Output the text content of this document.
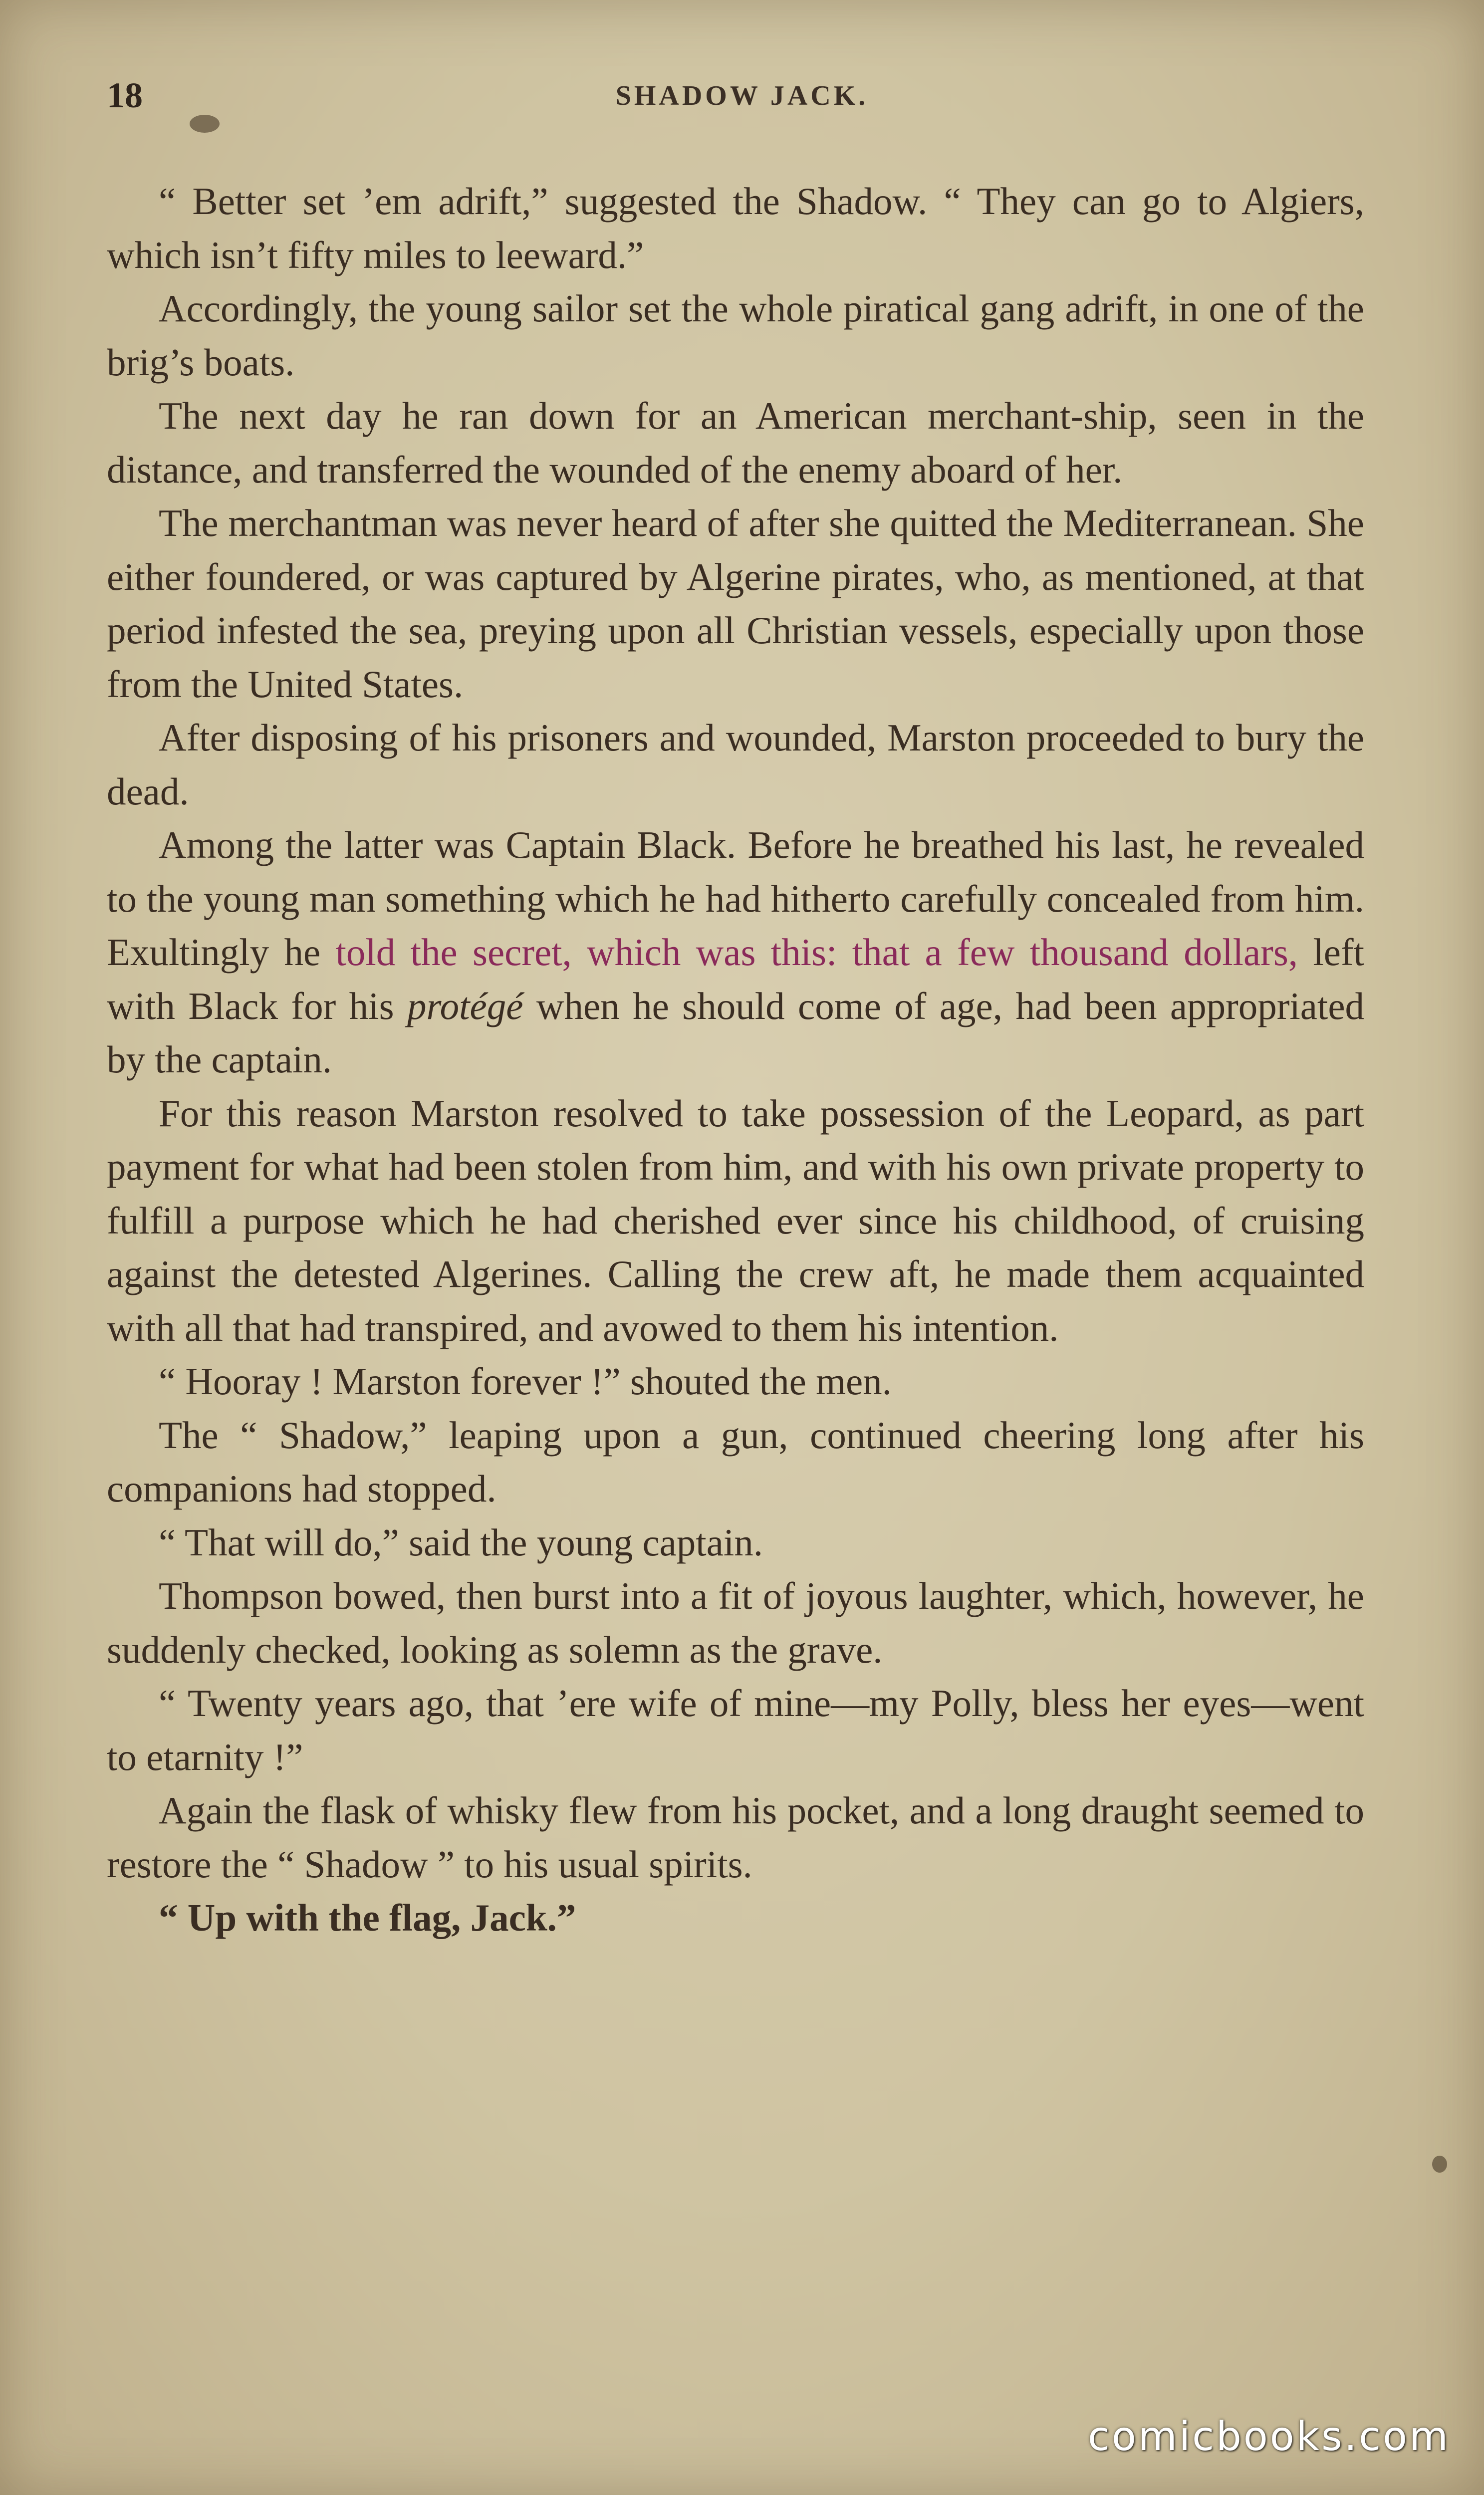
18	SHADOW JACK.

“ Better set ’em adrift,” suggested the Shadow. “ They can go to Algiers, which isn’t fifty miles to leeward.”

Accordingly, the young sailor set the whole piratical gang adrift, in one of the brig’s boats.

The next day he ran down for an American merchant-ship, seen in the distance, and transferred the wounded of the enemy aboard of her.

The merchantman was never heard of after she quitted the Mediterranean. She either foundered, or was captured by Algerine pirates, who, as mentioned, at that period infested the sea, preying upon all Christian vessels, especially upon those from the United States.

After disposing of his prisoners and wounded, Marston proceeded to bury the dead.

Among the latter was Captain Black. Before he breathed his last, he revealed to the young man something which he had hitherto carefully concealed from him. Exultingly he told the secret, which was this: that a few thousand dollars, left with Black for his protégé when he should come of age, had been appropriated by the captain.

For this reason Marston resolved to take possession of the Leopard, as part payment for what had been stolen from him, and with his own private property to fulfill a purpose which he had cherished ever since his childhood, of cruising against the detested Algerines. Calling the crew aft, he made them acquainted with all that had transpired, and avowed to them his intention.

“ Hooray ! Marston forever !” shouted the men.

The “ Shadow,” leaping upon a gun, continued cheering long after his companions had stopped.

“ That will do,” said the young captain.

Thompson bowed, then burst into a fit of joyous laughter, which, however, he suddenly checked, looking as solemn as the grave.

“ Twenty years ago, that ’ere wife of mine—my Polly, bless her eyes—went to etarnity !”

Again the flask of whisky flew from his pocket, and a long draught seemed to restore the “ Shadow ” to his usual spirits.

“ Up with the flag, Jack.”

comicbooks.com
